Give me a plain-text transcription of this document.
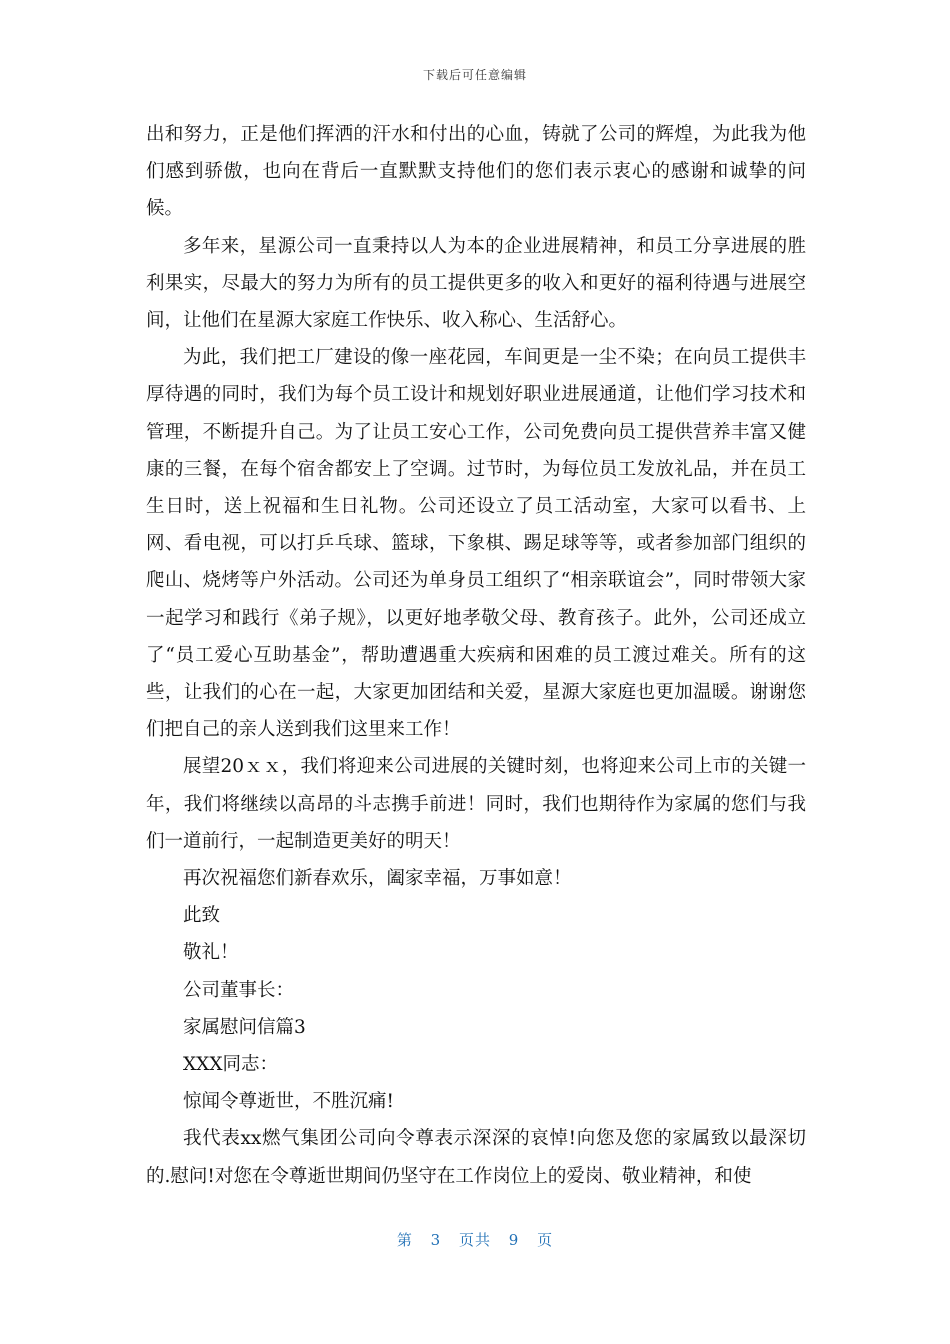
下载后可任意编辑

出和努力，正是他们挥洒的汗水和付出的心血，铸就了公司的辉煌，为此我为他们感到骄傲，也向在背后一直默默支持他们的您们表示衷心的感谢和诚挚的问候。

多年来，星源公司一直秉持以人为本的企业进展精神，和员工分享进展的胜利果实，尽最大的努力为所有的员工提供更多的收入和更好的福利待遇与进展空间，让他们在星源大家庭工作快乐、收入称心、生活舒心。

为此，我们把工厂建设的像一座花园，车间更是一尘不染；在向员工提供丰厚待遇的同时，我们为每个员工设计和规划好职业进展通道，让他们学习技术和管理，不断提升自己。为了让员工安心工作，公司免费向员工提供营养丰富又健康的三餐，在每个宿舍都安上了空调。过节时，为每位员工发放礼品，并在员工生日时，送上祝福和生日礼物。公司还设立了员工活动室，大家可以看书、上网、看电视，可以打乒乓球、篮球，下象棋、踢足球等等，或者参加部门组织的爬山、烧烤等户外活动。公司还为单身员工组织了“相亲联谊会”，同时带领大家一起学习和践行《弟子规》，以更好地孝敬父母、教育孩子。此外，公司还成立了“员工爱心互助基金”，帮助遭遇重大疾病和困难的员工渡过难关。所有的这些，让我们的心在一起，大家更加团结和关爱，星源大家庭也更加温暖。谢谢您们把自己的亲人送到我们这里来工作！

展望20ｘｘ，我们将迎来公司进展的关键时刻，也将迎来公司上市的关键一年，我们将继续以高昂的斗志携手前进！同时，我们也期待作为家属的您们与我们一道前行，一起制造更美好的明天！

再次祝福您们新春欢乐，阖家幸福，万事如意！

此致

敬礼！

公司董事长：

家属慰问信篇3

XXX同志：

惊闻令尊逝世，不胜沉痛!

我代表xx燃气集团公司向令尊表示深深的哀悼!向您及您的家属致以最深切的.慰问!对您在令尊逝世期间仍坚守在工作岗位上的爱岗、敬业精神，和使

第 3 页共 9 页
